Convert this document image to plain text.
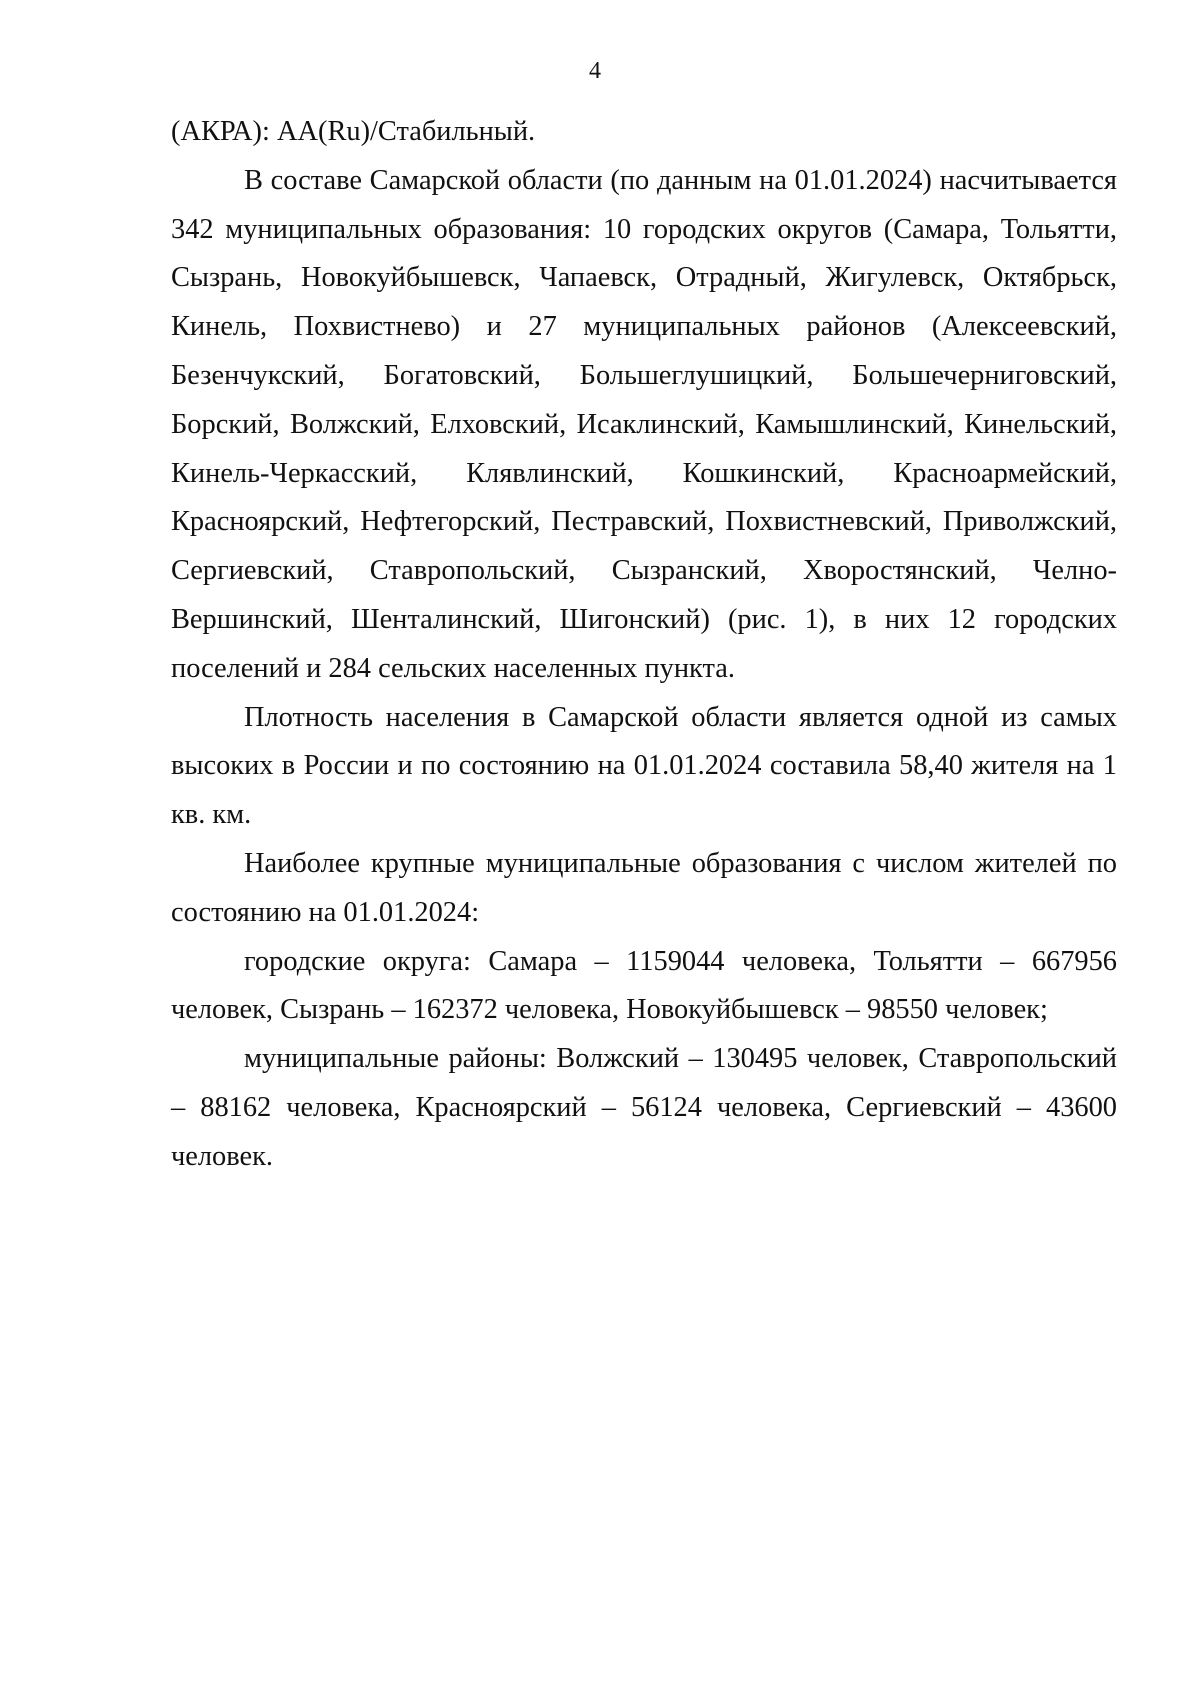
4

(АКРА): AA(Ru)/Стабильный.

В составе Самарской области (по данным на 01.01.2024) насчитывается 342 муниципальных образования: 10 городских округов (Самара, Тольятти, Сызрань, Новокуйбышевск, Чапаевск, Отрадный, Жигулевск, Октябрьск, Кинель, Похвистнево) и 27 муниципальных районов (Алексеевский, Безенчукский, Богатовский, Большеглушицкий, Большечерниговский, Борский, Волжский, Елховский, Исаклинский, Камышлинский, Кинельский, Кинель-Черкасский, Клявлинский, Кошкинский, Красноармейский, Красноярский, Нефтегорский, Пестравский, Похвистневский, Приволжский, Сергиевский, Ставропольский, Сызранский, Хворостянский, Челно-Вершинский, Шенталинский, Шигонский) (рис. 1), в них 12 городских поселений и 284 сельских населенных пункта.

Плотность населения в Самарской области является одной из самых высоких в России и по состоянию на 01.01.2024 составила 58,40 жителя на 1 кв. км.

Наиболее крупные муниципальные образования с числом жителей по состоянию на 01.01.2024:

городские округа: Самара – 1159044 человека, Тольятти – 667956 человек, Сызрань – 162372 человека, Новокуйбышевск – 98550 человек;

муниципальные районы: Волжский – 130495 человек, Ставропольский – 88162 человека, Красноярский – 56124 человека, Сергиевский – 43600 человек.
